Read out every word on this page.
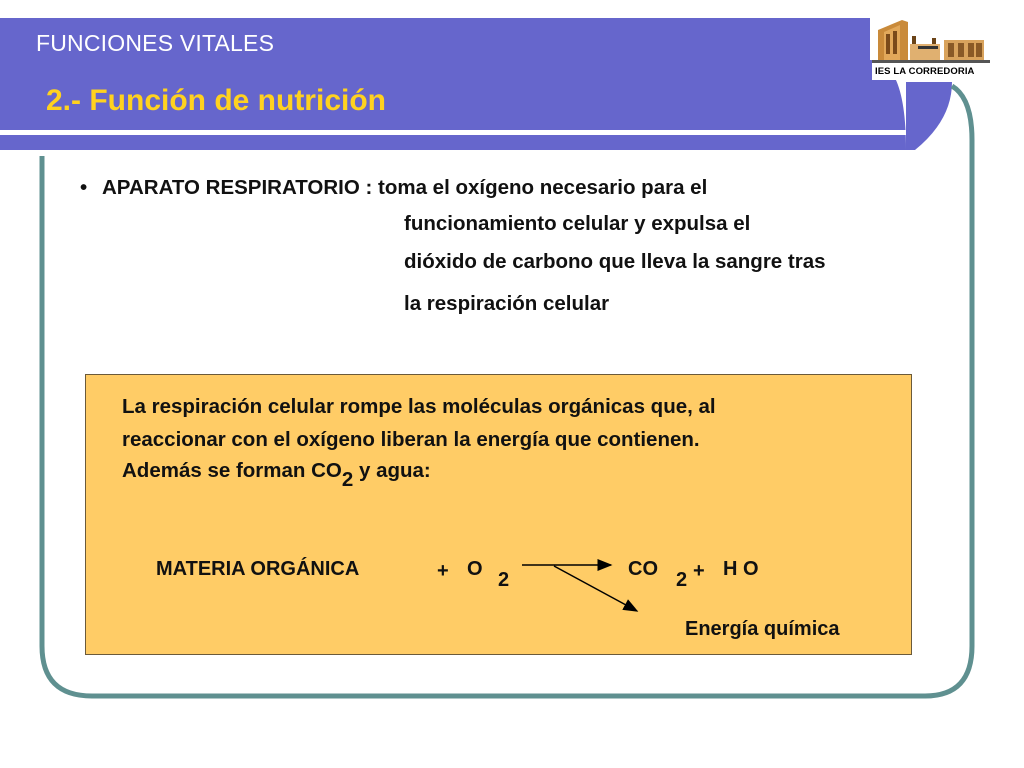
FUNCIONES VITALES
2.- Función de nutrición
IES LA CORREDORIA
• APARATO RESPIRATORIO : toma el oxígeno necesario para el
funcionamiento celular y expulsa el
dióxido de carbono que lleva la sangre tras
la respiración celular
La respiración celular rompe las moléculas orgánicas que, al
reaccionar con el oxígeno liberan la energía que contienen.
Además se forman CO2 y agua:
MATERIA ORGÁNICA	+ O 2	CO 2 + H O
Energía química
